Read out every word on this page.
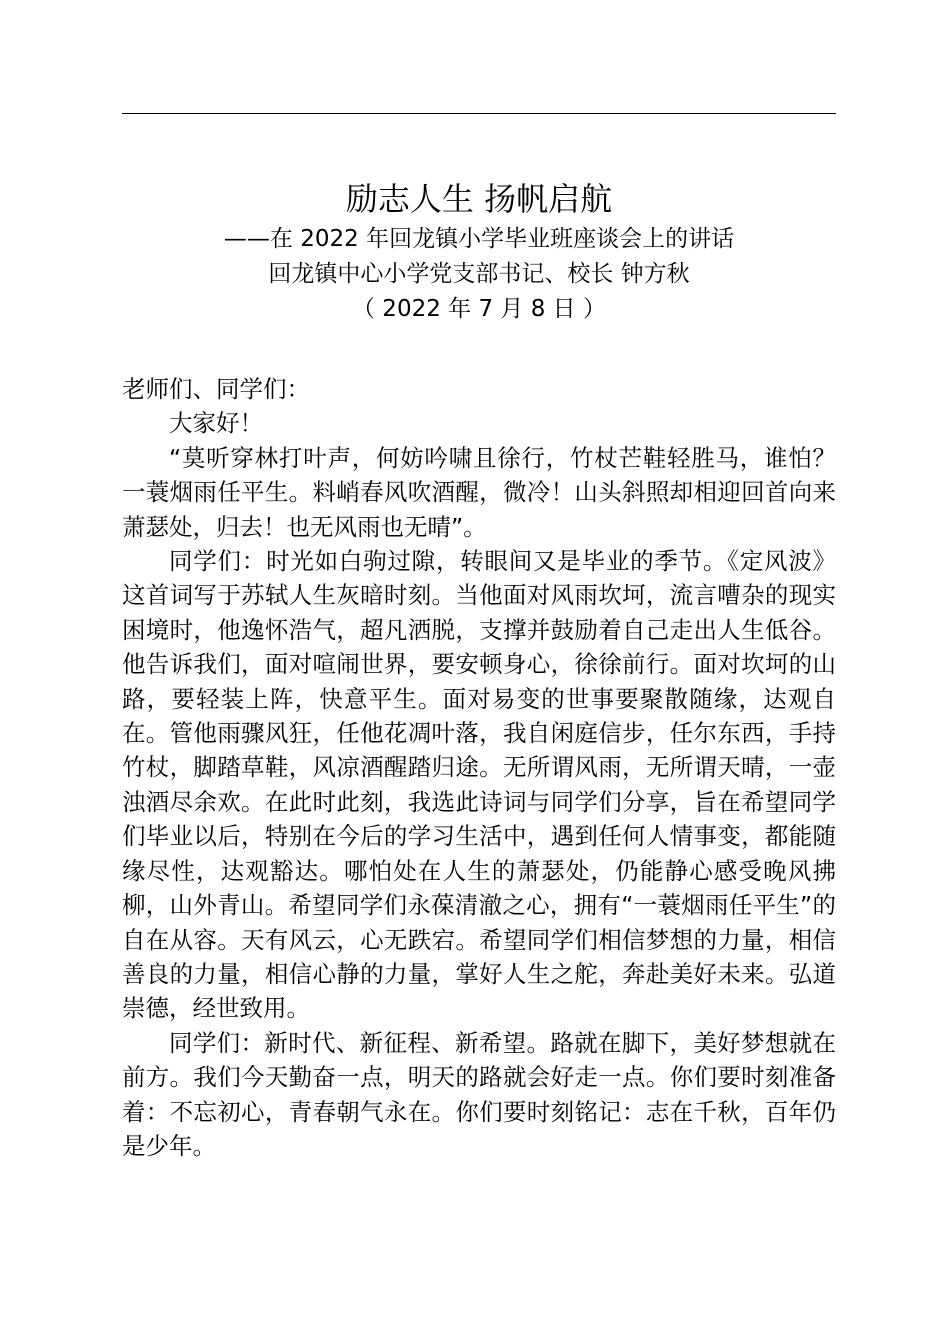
励志人生 扬帆启航

——在 2022 年回龙镇小学毕业班座谈会上的讲话

回龙镇中心小学党支部书记、校长 钟方秋

（ 2022 年 7 月 8 日 ）

老师们、同学们：

大家好！

“莫听穿林打叶声，何妨吟啸且徐行，竹杖芒鞋轻胜马，谁怕？一蓑烟雨任平生。料峭春风吹酒醒，微冷！山头斜照却相迎回首向来萧瑟处，归去！也无风雨也无晴”。

同学们：时光如白驹过隙，转眼间又是毕业的季节。《定风波》这首词写于苏轼人生灰暗时刻。当他面对风雨坎坷，流言嘈杂的现实困境时，他逸怀浩气，超凡洒脱，支撑并鼓励着自己走出人生低谷。他告诉我们，面对喧闹世界，要安顿身心，徐徐前行。面对坎坷的山路，要轻装上阵，快意平生。面对易变的世事要聚散随缘，达观自在。管他雨骤风狂，任他花凋叶落，我自闲庭信步，任尔东西，手持竹杖，脚踏草鞋，风凉酒醒踏归途。无所谓风雨，无所谓天晴，一壶浊酒尽余欢。在此时此刻，我选此诗词与同学们分享，旨在希望同学们毕业以后，特别在今后的学习生活中，遇到任何人情事变，都能随缘尽性，达观豁达。哪怕处在人生的萧瑟处，仍能静心感受晚风拂柳，山外青山。希望同学们永葆清澈之心，拥有“一蓑烟雨任平生”的自在从容。天有风云，心无跌宕。希望同学们相信梦想的力量，相信善良的力量，相信心静的力量，掌好人生之舵，奔赴美好未来。弘道崇德，经世致用。

同学们：新时代、新征程、新希望。路就在脚下，美好梦想就在前方。我们今天勤奋一点，明天的路就会好走一点。你们要时刻准备着：不忘初心，青春朝气永在。你们要时刻铭记：志在千秋，百年仍是少年。
